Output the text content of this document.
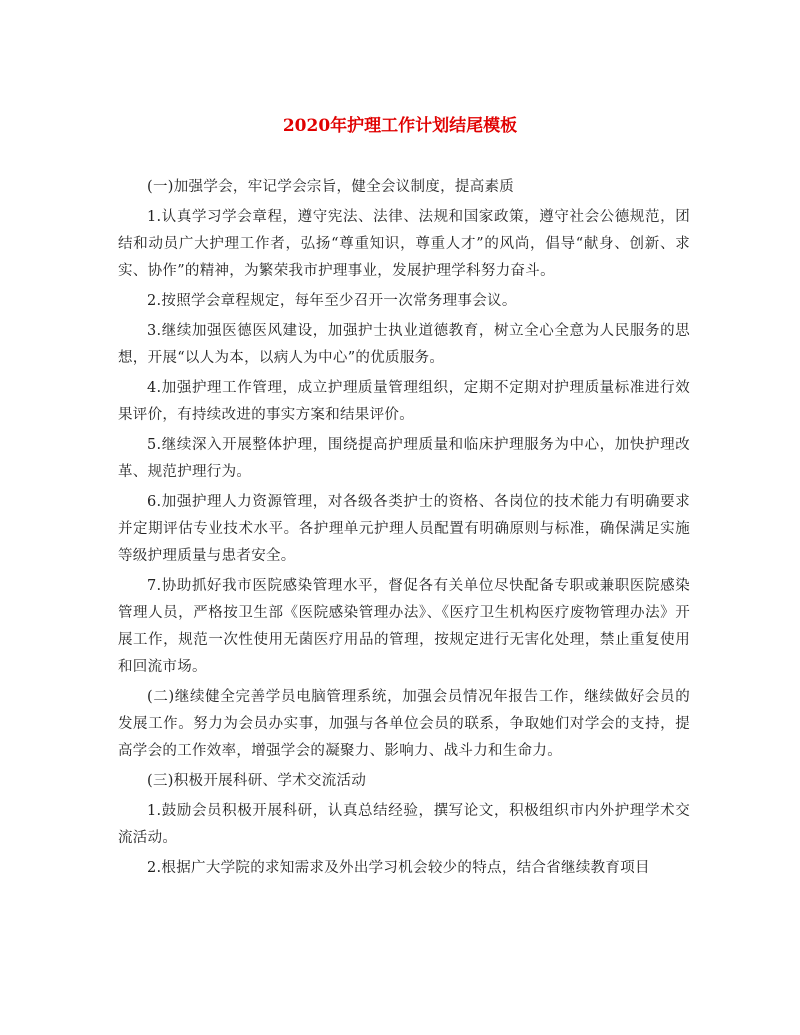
2020年护理工作计划结尾模板

(一)加强学会，牢记学会宗旨，健全会议制度，提高素质

1.认真学习学会章程，遵守宪法、法律、法规和国家政策，遵守社会公德规范，团结和动员广大护理工作者，弘扬“尊重知识，尊重人才”的风尚，倡导“献身、创新、求实、协作”的精神，为繁荣我市护理事业，发展护理学科努力奋斗。

2.按照学会章程规定，每年至少召开一次常务理事会议。

3.继续加强医德医风建设，加强护士执业道德教育，树立全心全意为人民服务的思想，开展“以人为本，以病人为中心”的优质服务。

4.加强护理工作管理，成立护理质量管理组织，定期不定期对护理质量标准进行效果评价，有持续改进的事实方案和结果评价。

5.继续深入开展整体护理，围绕提高护理质量和临床护理服务为中心，加快护理改革、规范护理行为。

6.加强护理人力资源管理，对各级各类护士的资格、各岗位的技术能力有明确要求并定期评估专业技术水平。各护理单元护理人员配置有明确原则与标准，确保满足实施等级护理质量与患者安全。

7.协助抓好我市医院感染管理水平，督促各有关单位尽快配备专职或兼职医院感染管理人员，严格按卫生部《医院感染管理办法》、《医疗卫生机构医疗废物管理办法》开展工作，规范一次性使用无菌医疗用品的管理，按规定进行无害化处理，禁止重复使用和回流市场。

(二)继续健全完善学员电脑管理系统，加强会员情况年报告工作，继续做好会员的发展工作。努力为会员办实事，加强与各单位会员的联系，争取她们对学会的支持，提高学会的工作效率，增强学会的凝聚力、影响力、战斗力和生命力。

(三)积极开展科研、学术交流活动

1.鼓励会员积极开展科研，认真总结经验，撰写论文，积极组织市内外护理学术交流活动。

2.根据广大学院的求知需求及外出学习机会较少的特点，结合省继续教育项目
